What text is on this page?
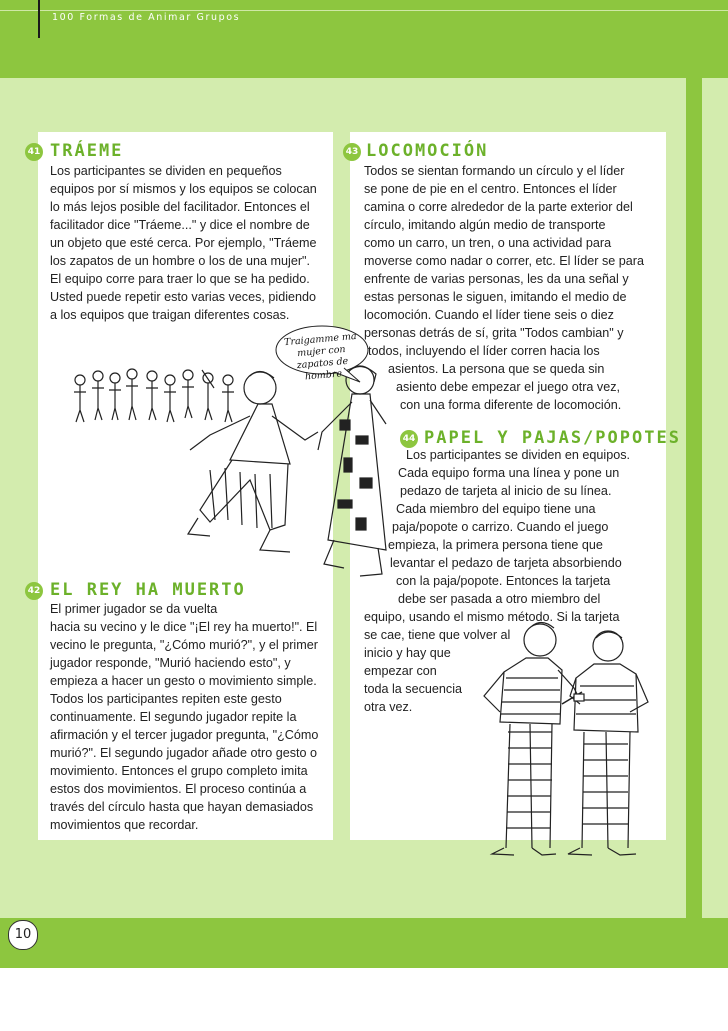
100 Formas de Animar Grupos
10
41 TRÁEME
Los participantes se dividen en pequeños
equipos por sí mismos y los equipos se colocan
lo más lejos posible del facilitador. Entonces el
facilitador dice "Tráeme..." y dice el nombre de
un objeto que esté cerca. Por ejemplo, "Tráeme
los zapatos de un hombre o los de una mujer".
El equipo corre para traer lo que se ha pedido.
Usted puede repetir esto varias veces, pidiendo
a los equipos que traigan diferentes cosas.
Traigamme ma mujer con zapatos de hombre
42 EL REY HA MUERTO
El primer jugador se da vuelta
hacia su vecino y le dice "¡El rey ha muerto!". El
vecino le pregunta, "¿Cómo murió?", y el primer
jugador responde, "Murió haciendo esto", y
empieza a hacer un gesto o movimiento simple.
Todos los participantes repiten este gesto
continuamente. El segundo jugador repite la
afirmación y el tercer jugador pregunta, "¿Cómo
murió?". El segundo jugador añade otro gesto o
movimiento. Entonces el grupo completo imita
estos dos movimientos. El proceso continúa a
través del círculo hasta que hayan demasiados
movimientos que recordar.
43 LOCOMOCIÓN
Todos se sientan formando un círculo y el líder
se pone de pie en el centro. Entonces el líder
camina o corre alrededor de la parte exterior del
círculo, imitando algún medio de transporte
como un carro, un tren, o una actividad para
moverse como nadar o correr, etc. El líder se para
enfrente de varias personas, les da una señal y
estas personas le siguen, imitando el medio de
locomoción. Cuando el líder tiene seis o diez
personas detrás de sí, grita "Todos cambian" y
todos, incluyendo el líder corren hacia los
asientos. La persona que se queda sin
asiento debe empezar el juego otra vez,
con una forma diferente de locomoción.
44 PAPEL Y PAJAS/POPOTES
Los participantes se dividen en equipos.
Cada equipo forma una línea y pone un
pedazo de tarjeta al inicio de su línea.
Cada miembro del equipo tiene una
paja/popote o carrizo. Cuando el juego
empieza, la primera persona tiene que
levantar el pedazo de tarjeta absorbiendo
con la paja/popote. Entonces la tarjeta
debe ser pasada a otro miembro del
equipo, usando el mismo método. Si la tarjeta
se cae, tiene que volver al
inicio y hay que
empezar con
toda la secuencia
otra vez.
